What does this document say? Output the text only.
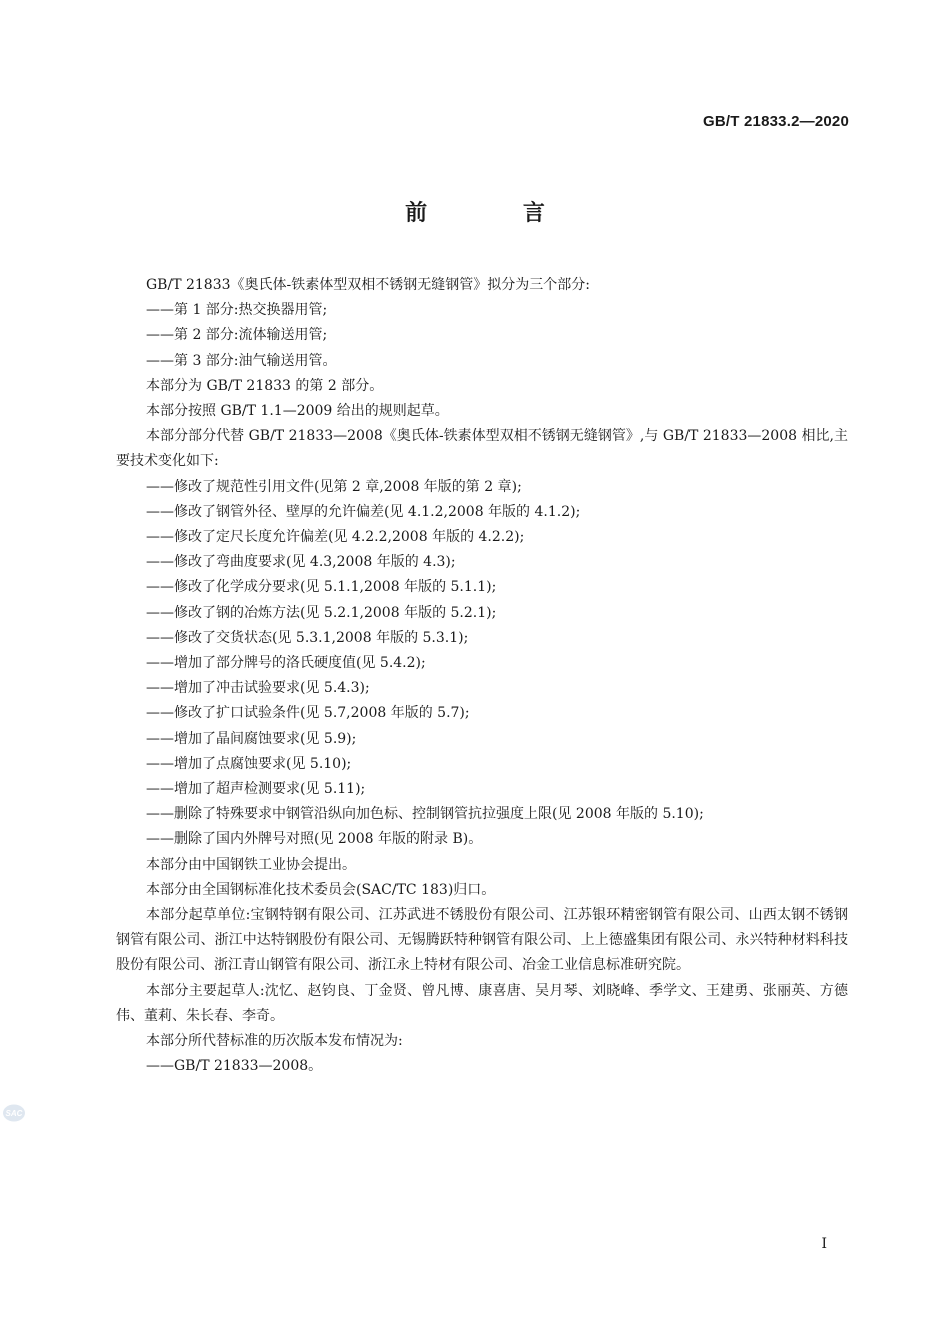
GB/T 21833.2—2020
前 言

GB/T 21833《奥氏体-铁素体型双相不锈钢无缝钢管》拟分为三个部分:

——第 1 部分:热交换器用管;

——第 2 部分:流体输送用管;

——第 3 部分:油气输送用管。

本部分为 GB/T 21833 的第 2 部分。

本部分按照 GB/T 1.1—2009 给出的规则起草。

本部分部分代替 GB/T 21833—2008《奥氏体-铁素体型双相不锈钢无缝钢管》,与 GB/T 21833—2008 相比,主要技术变化如下:

——修改了规范性引用文件(见第 2 章,2008 年版的第 2 章);

——修改了钢管外径、壁厚的允许偏差(见 4.1.2,2008 年版的 4.1.2);

——修改了定尺长度允许偏差(见 4.2.2,2008 年版的 4.2.2);

——修改了弯曲度要求(见 4.3,2008 年版的 4.3);

——修改了化学成分要求(见 5.1.1,2008 年版的 5.1.1);

——修改了钢的冶炼方法(见 5.2.1,2008 年版的 5.2.1);

——修改了交货状态(见 5.3.1,2008 年版的 5.3.1);

——增加了部分牌号的洛氏硬度值(见 5.4.2);

——增加了冲击试验要求(见 5.4.3);

——修改了扩口试验条件(见 5.7,2008 年版的 5.7);

——增加了晶间腐蚀要求(见 5.9);

——增加了点腐蚀要求(见 5.10);

——增加了超声检测要求(见 5.11);

——删除了特殊要求中钢管沿纵向加色标、控制钢管抗拉强度上限(见 2008 年版的 5.10);

——删除了国内外牌号对照(见 2008 年版的附录 B)。

本部分由中国钢铁工业协会提出。

本部分由全国钢标准化技术委员会(SAC/TC 183)归口。

本部分起草单位:宝钢特钢有限公司、江苏武进不锈股份有限公司、江苏银环精密钢管有限公司、山西太钢不锈钢钢管有限公司、浙江中达特钢股份有限公司、无锡腾跃特种钢管有限公司、上上德盛集团有限公司、永兴特种材料科技股份有限公司、浙江青山钢管有限公司、浙江永上特材有限公司、冶金工业信息标准研究院。

本部分主要起草人:沈忆、赵钧良、丁金贤、曾凡博、康喜唐、吴月琴、刘晓峰、季学文、王建勇、张丽英、方德伟、董莉、朱长春、李奇。

本部分所代替标准的历次版本发布情况为:

——GB/T 21833—2008。

SAC
I
